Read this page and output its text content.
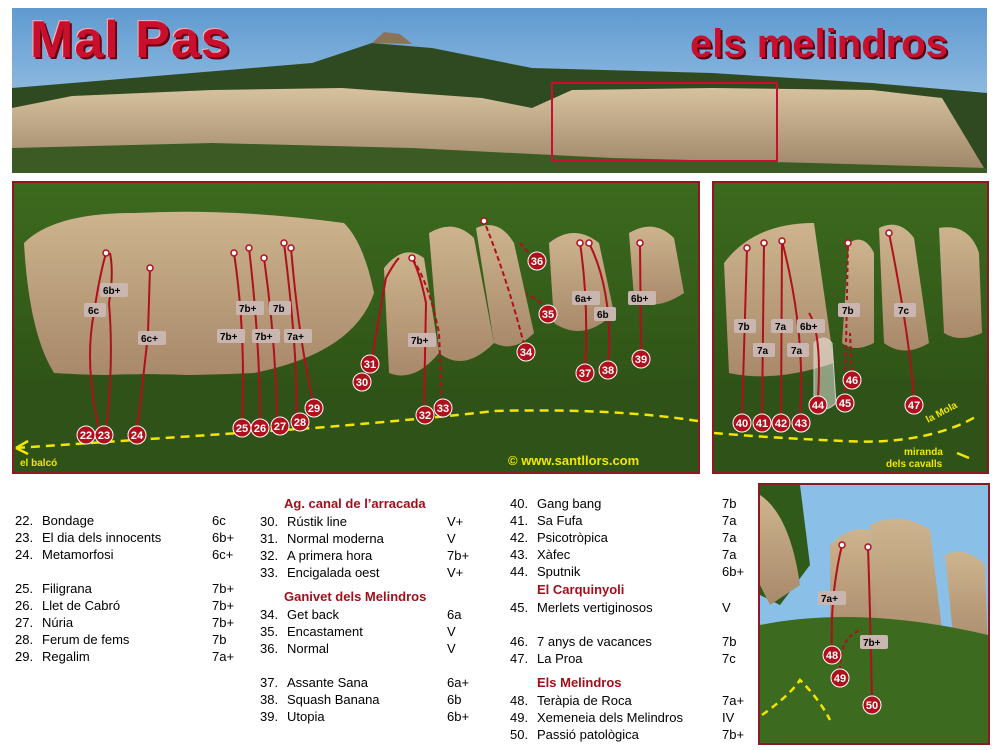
Mal Pas	els melindros
el balcó
6c
6b+
6c+
7b+ 7b
7b+ 7b+ 7a+	7b+
6a+
6b
6b+
22 23 24
25 26 27 28
29
30
31
32
33
34
35
36
37 38
39
© www.santllors.com
la Mola
miranda
dels cavalls
7b
7a
7a
7a
6b+
7b	7c
40 41 42 43
44 45
46
47
7a+
7b+
48
49
50
22. Bondage	6c
23. El dia dels innocents	6b+
24. Metamorfosi	6c+
25. Filigrana	7b+
26. Llet de Cabró	7b+
27. Núria	7b+
28. Ferum de fems	7b
29. Regalim	7a+
Ag. canal de l’arracada
30. Rústik line	V+
31. Normal moderna	V
32. A primera hora	7b+
33. Encigalada oest	V+
Ganivet dels Melindros
34. Get back	6a
35. Encastament	V
36. Normal	V
37. Assante Sana	6a+
38. Squash Banana	6b
39. Utopia	6b+
40. Gang bang	7b
41. Sa Fufa	7a
42. Psicotròpica	7a
43. Xàfec	7a
44. Sputnik	6b+
El Carquinyoli
45. Merlets vertiginosos	V
46. 7 anys de vacances	7b
47. La Proa	7c
Els Melindros
48. Teràpia de Roca	7a+
49. Xemeneia dels Melindros	IV
50. Passió patològica	7b+
